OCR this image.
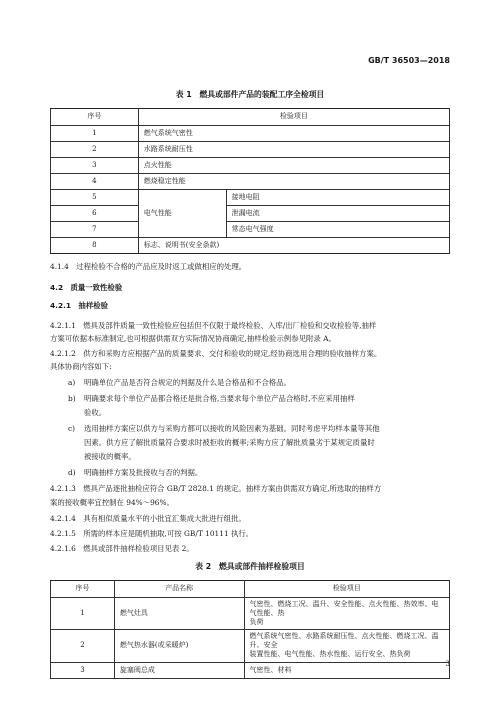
GB/T 36503—2018
表 1　燃具或部件产品的装配工序全检项目
序号	检验项目	
1	燃气系统气密性	
2	水路系统耐压性	
3	点火性能	
4	燃烧稳定性能	
5	电气性能	接地电阻
6		泄漏电流
7		常态电气强度
8	标志、说明书(安全条款)	
4.1.4　过程检验不合格的产品应及时返工或做相应的处理。
4.2　质量一致性检验
4.2.1　抽样检验
4.2.1.1　燃具及部件质量一致性检验应包括但不仅限于最终检验、入库/出厂检验和交收检验等,抽样
方案可依据本标准制定,也可根据供需双方实际情况协商确定,抽样检验示例参见附录 A。
4.2.1.2　供方和采购方应根据产品的质量要求、交付和验收的规定,经协商选用合理的验收抽样方案。
具体协商内容如下:
a)	明确单位产品是否符合规定的判据及什么是合格品和不合格品。
b)	明确要求每个单位产品都合格还是批合格,当要求每个单位产品合格时,不应采用抽样
验收。
c)	选用抽样方案应以供方与采购方都可以接收的风险因素为基础。同时考虑平均样本量等其他
因素。供方应了解批质量符合要求时被拒收的概率;采购方应了解批质量劣于某规定质量时
被接收的概率。
d)	明确抽样方案及批接收与否的判据。
4.2.1.3　燃具产品逐批抽检应符合 GB/T 2828.1 的规定。抽样方案由供需双方确定,所选取的抽样方
案的接收概率宜控制在 94%～96%。
4.2.1.4　具有相似质量水平的小批宜汇集成大批进行组批。
4.2.1.5　所需的样本应是随机抽取,可按 GB/T 10111 执行。
4.2.1.6　燃具或部件抽样检验项目见表 2。
表 2　燃具或部件抽样检验项目
序号	产品名称	检验项目
1	燃气灶具	气密性、燃烧工况、温升、安全性能、点火性能、热效率、电气性能、热
负荷

2	燃气热水器(或采暖炉)	燃气系统气密性、水路系统耐压性、点火性能、燃烧工况、温升、安全
装置性能、电气性能、热水性能、运行安全、热负荷

3	旋塞阀总成	气密性、材料
3
